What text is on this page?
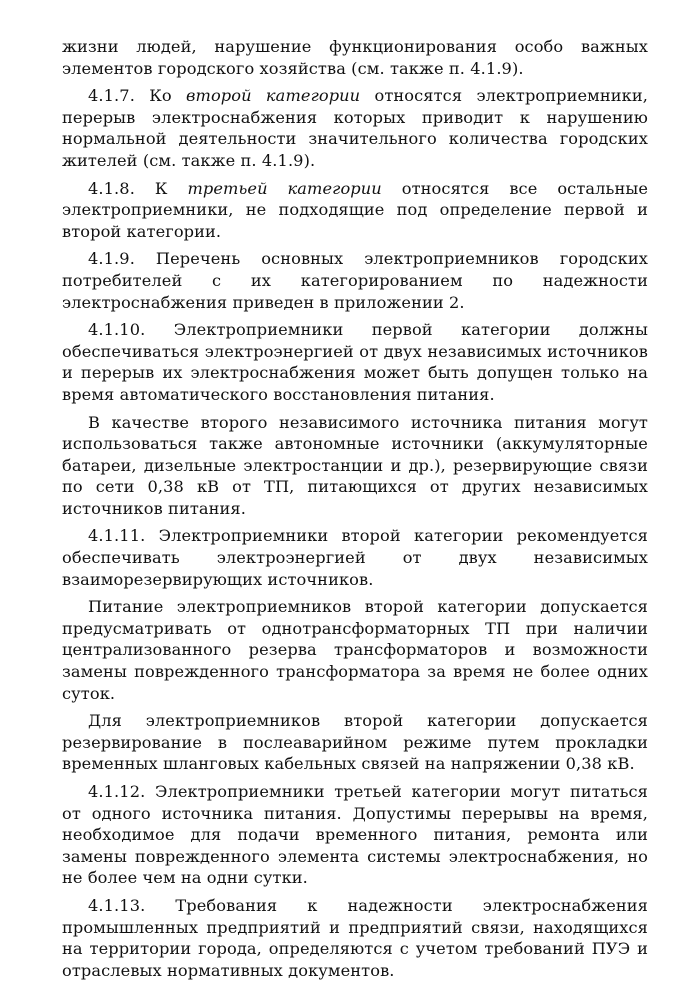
жизни людей, нарушение функционирования особо важных элементов городского хозяйства (см. также п. 4.1.9).

4.1.7. Ко второй категории относятся электроприемники, перерыв электроснабжения которых приводит к нарушению нормальной деятельности значительного количества городских жителей (см. также п. 4.1.9).

4.1.8. К третьей категории относятся все остальные электроприемники, не подходящие под определение первой и второй категории.

4.1.9. Перечень основных электроприемников городских потребителей с их категорированием по надежности электроснабжения приведен в приложении 2.

4.1.10. Электроприемники первой категории должны обеспечиваться электроэнергией от двух независимых источников и перерыв их электроснабжения может быть допущен только на время автоматического восстановления питания.

В качестве второго независимого источника питания могут использоваться также автономные источники (аккумуляторные батареи, дизельные электростанции и др.), резервирующие связи по сети 0,38 кВ от ТП, питающихся от других независимых источников питания.

4.1.11. Электроприемники второй категории рекомендуется обеспечивать электроэнергией от двух независимых взаиморезервирующих источников.

Питание электроприемников второй категории допускается предусматривать от однотрансформаторных ТП при наличии централизованного резерва трансформаторов и возможности замены поврежденного трансформатора за время не более одних суток.

Для электроприемников второй категории допускается резервирование в послеаварийном режиме путем прокладки временных шланговых кабельных связей на напряжении 0,38 кВ.

4.1.12. Электроприемники третьей категории могут питаться от одного источника питания. Допустимы перерывы на время, необходимое для подачи временного питания, ремонта или замены поврежденного элемента системы электроснабжения, но не более чем на одни сутки.

4.1.13. Требования к надежности электроснабжения промышленных предприятий и предприятий связи, находящихся на территории города, определяются с учетом требований ПУЭ и отраслевых нормативных документов.
